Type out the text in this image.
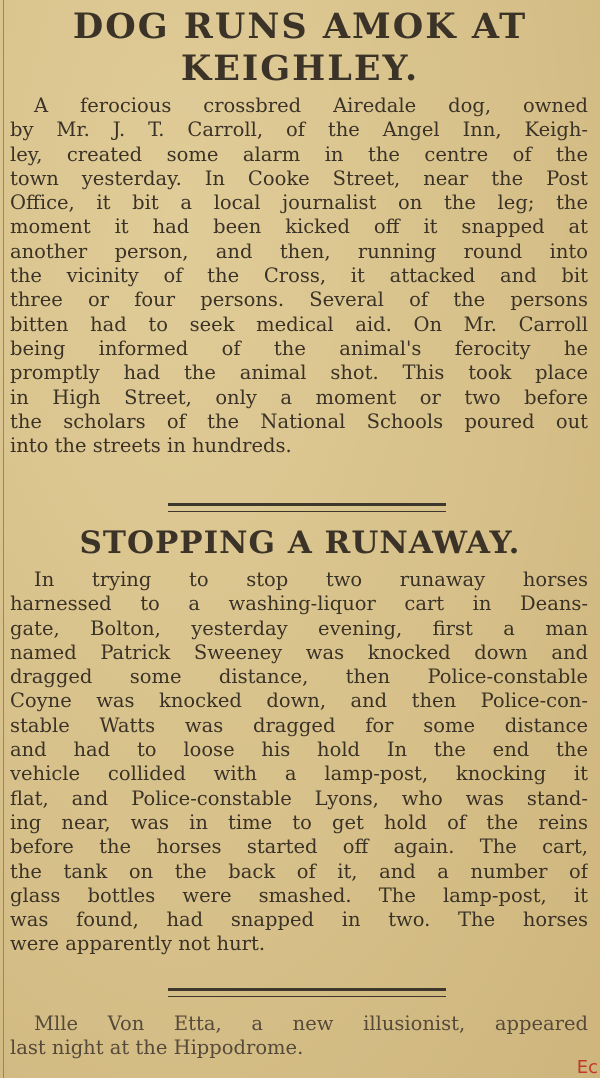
DOG RUNS AMOK AT
KEIGHLEY.
A ferocious crossbred Airedale dog, owned
by Mr. J. T. Carroll, of the Angel Inn, Keigh-
ley, created some alarm in the centre of the
town yesterday. In Cooke Street, near the Post
Office, it bit a local journalist on the leg; the
moment it had been kicked off it snapped at
another person, and then, running round into
the vicinity of the Cross, it attacked and bit
three or four persons. Several of the persons
bitten had to seek medical aid. On Mr. Carroll
being informed of the animal's ferocity he
promptly had the animal shot. This took place
in High Street, only a moment or two before
the scholars of the National Schools poured out
into the streets in hundreds.
STOPPING A RUNAWAY.
In trying to stop two runaway horses
harnessed to a washing-liquor cart in Deans-
gate, Bolton, yesterday evening, first a man
named Patrick Sweeney was knocked down and
dragged some distance, then Police-constable
Coyne was knocked down, and then Police-con-
stable Watts was dragged for some distance
and had to loose his hold In the end the
vehicle collided with a lamp-post, knocking it
flat, and Police-constable Lyons, who was stand-
ing near, was in time to get hold of the reins
before the horses started off again. The cart,
the tank on the back of it, and a number of
glass bottles were smashed. The lamp-post, it
was found, had snapped in two. The horses
were apparently not hurt.
Mlle Von Etta, a new illusionist, appeared
last night at the Hippodrome.
Ec
